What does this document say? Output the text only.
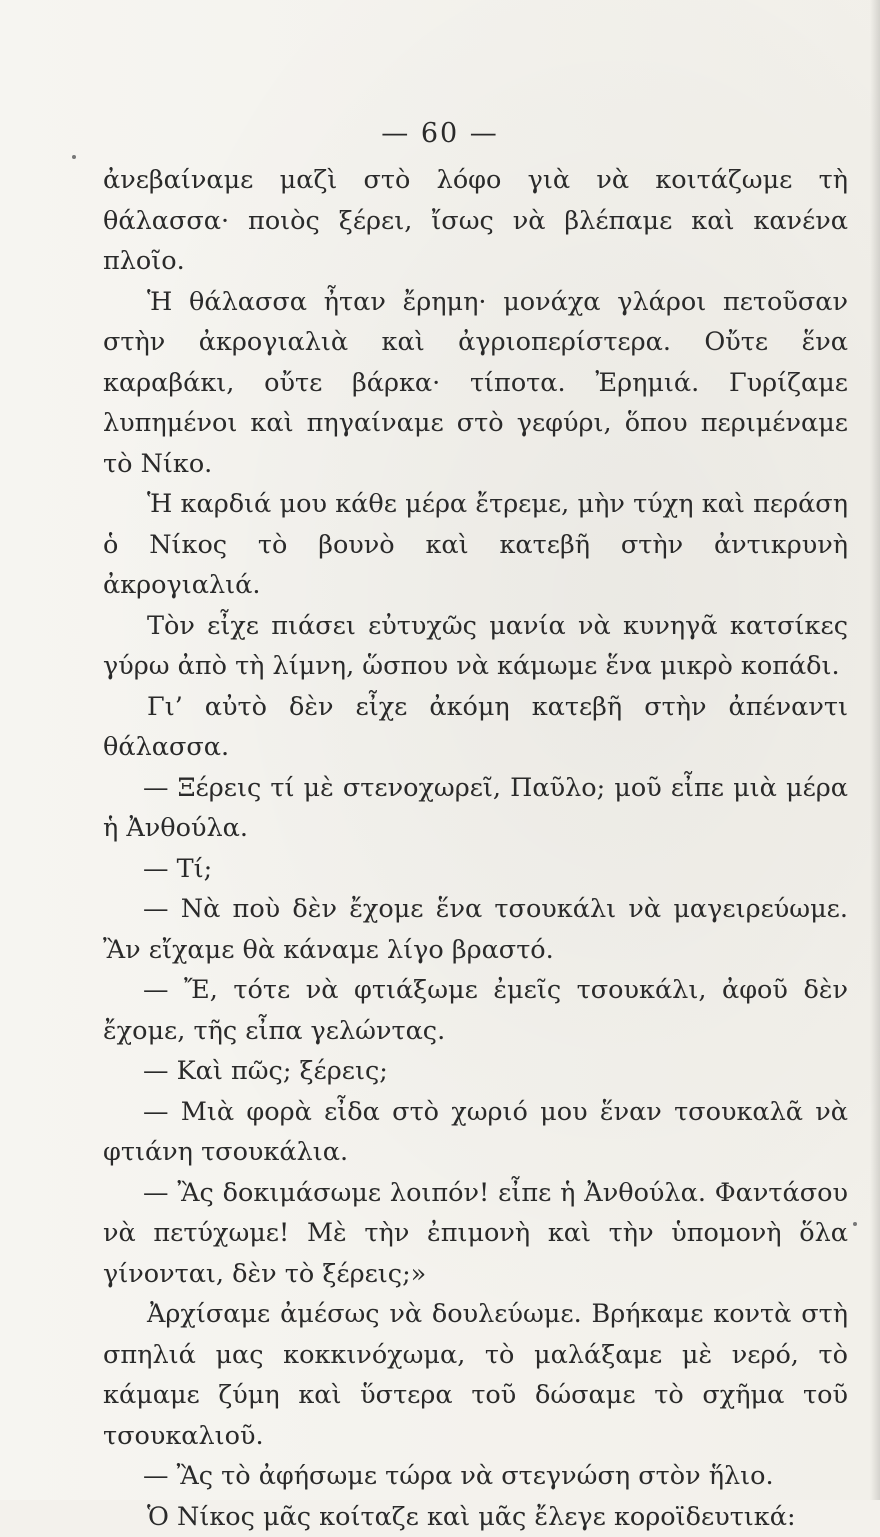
— 60 —

ἀνεβαίναμε μαζὶ στὸ λόφο γιὰ νὰ κοιτάζωμε τὴ θάλασσα· ποιὸς ξέρει, ἴσως νὰ βλέπαμε καὶ κανένα πλοῖο.

Ἡ θάλασσα ἦταν ἔρημη· μονάχα γλάροι πετοῦσαν στὴν ἀκρογιαλιὰ καὶ ἀγριοπερίστερα. Οὔτε ἕνα καραβάκι, οὔτε βάρκα· τίποτα. Ἐρημιά. Γυρίζαμε λυπημένοι καὶ πηγαίναμε στὸ γεφύρι, ὅπου περιμέναμε τὸ Νίκο.

Ἡ καρδιά μου κάθε μέρα ἔτρεμε, μὴν τύχη καὶ περάση ὁ Νίκος τὸ βουνὸ καὶ κατεβῆ στὴν ἀντικρυνὴ ἀκρογιαλιά.

Τὸν εἶχε πιάσει εὐτυχῶς μανία νὰ κυνηγᾶ κατσίκες γύρω ἀπὸ τὴ λίμνη, ὥσπου νὰ κάμωμε ἕνα μικρὸ κοπάδι.

Γι’ αὐτὸ δὲν εἶχε ἀκόμη κατεβῆ στὴν ἀπέναντι θάλασσα.

— Ξέρεις τί μὲ στενοχωρεῖ, Παῦλο; μοῦ εἶπε μιὰ μέρα ἡ Ἀνθούλα.

— Τί;

— Νὰ ποὺ δὲν ἔχομε ἕνα τσουκάλι νὰ μαγειρεύωμε. Ἂν εἴχαμε θὰ κάναμε λίγο βραστό.

— Ἔ, τότε νὰ φτιάξωμε ἐμεῖς τσουκάλι, ἀφοῦ δὲν ἔχομε, τῆς εἶπα γελώντας.

— Καὶ πῶς; ξέρεις;

— Μιὰ φορὰ εἶδα στὸ χωριό μου ἕναν τσουκαλᾶ νὰ φτιάνη τσουκάλια.

— Ἂς δοκιμάσωμε λοιπόν! εἶπε ἡ Ἀνθούλα. Φαντάσου νὰ πετύχωμε! Μὲ τὴν ἐπιμονὴ καὶ τὴν ὑπομονὴ ὅλα γίνονται, δὲν τὸ ξέρεις;»

Ἀρχίσαμε ἀμέσως νὰ δουλεύωμε. Βρήκαμε κοντὰ στὴ σπηλιά μας κοκκινόχωμα, τὸ μαλάξαμε μὲ νερό, τὸ κάμαμε ζύμη καὶ ὕστερα τοῦ δώσαμε τὸ σχῆμα τοῦ τσουκαλιοῦ.

— Ἂς τὸ ἀφήσωμε τώρα νὰ στεγνώση στὸν ἥλιο.

Ὁ Νίκος μᾶς κοίταζε καὶ μᾶς ἔλεγε κοροϊδευτικά:
